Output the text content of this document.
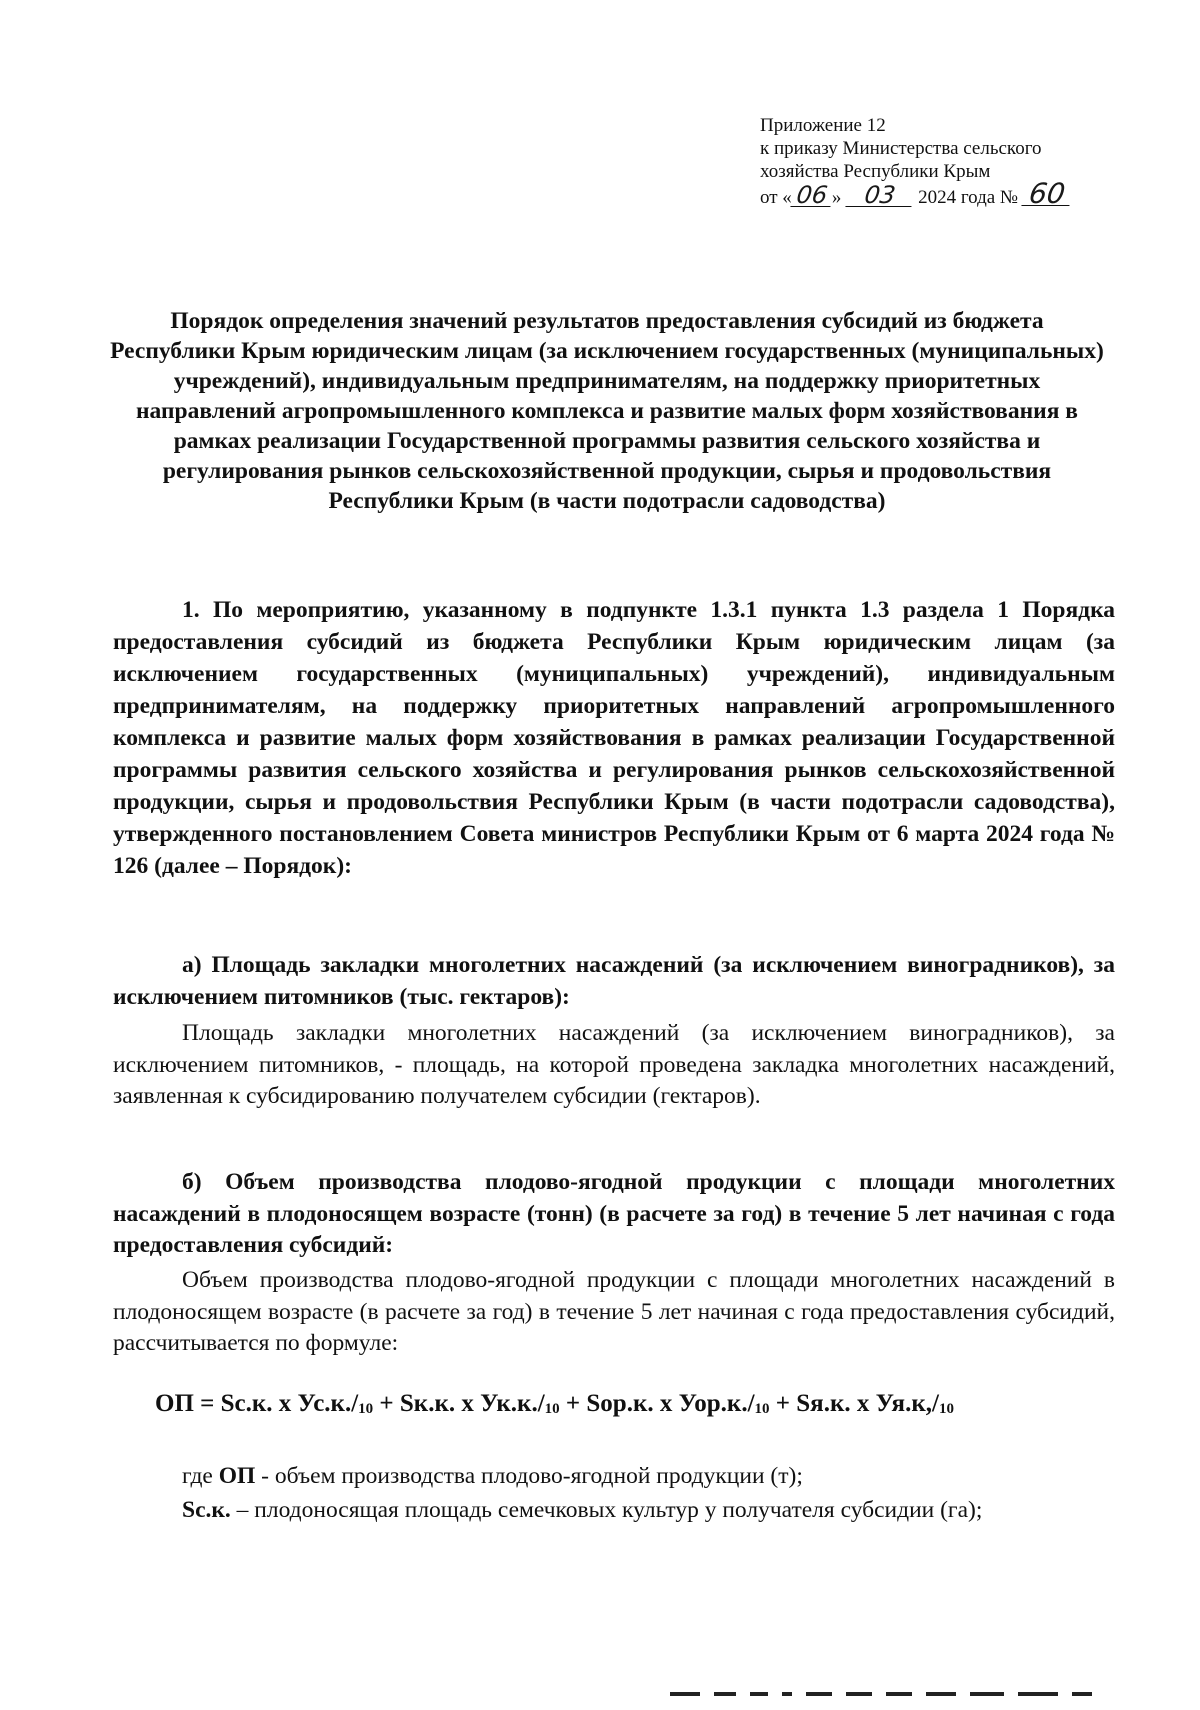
Приложение 12
к приказу Министерства сельского
хозяйства Республики Крым
от « 06 » 03 2024 года № 60
Порядок определения значений результатов предоставления субсидий из бюджета Республики Крым юридическим лицам (за исключением государственных (муниципальных) учреждений), индивидуальным предпринимателям, на поддержку приоритетных направлений агропромышленного комплекса и развитие малых форм хозяйствования в рамках реализации Государственной программы развития сельского хозяйства и регулирования рынков сельскохозяйственной продукции, сырья и продовольствия Республики Крым (в части подотрасли садоводства)
1. По мероприятию, указанному в подпункте 1.3.1 пункта 1.3 раздела 1 Порядка предоставления субсидий из бюджета Республики Крым юридическим лицам (за исключением государственных (муниципальных) учреждений), индивидуальным предпринимателям, на поддержку приоритетных направлений агропромышленного комплекса и развитие малых форм хозяйствования в рамках реализации Государственной программы развития сельского хозяйства и регулирования рынков сельскохозяйственной продукции, сырья и продовольствия Республики Крым (в части подотрасли садоводства), утвержденного постановлением Совета министров Республики Крым от 6 марта 2024 года № 126 (далее – Порядок):
а) Площадь закладки многолетних насаждений (за исключением виноградников), за исключением питомников (тыс. гектаров):
Площадь закладки многолетних насаждений (за исключением виноградников), за исключением питомников, - площадь, на которой проведена закладка многолетних насаждений, заявленная к субсидированию получателем субсидии (гектаров).
б) Объем производства плодово-ягодной продукции с площади многолетних насаждений в плодоносящем возрасте (тонн) (в расчете за год) в течение 5 лет начиная с года предоставления субсидий:
Объем производства плодово-ягодной продукции с площади многолетних насаждений в плодоносящем возрасте (в расчете за год) в течение 5 лет начиная с года предоставления субсидий, рассчитывается по формуле:
ОП = Sс.к. х $Ус.к./_{10} + Sк.к$. х $Ук.к./_{10} + Sор.к$. х $Уор.к./_{10} + Sя.к$. х $Уя.к,/_{10}$
где ОП - объем производства плодово-ягодной продукции (т);
Sс.к. – плодоносящая площадь семечковых культур у получателя субсидии (га);
